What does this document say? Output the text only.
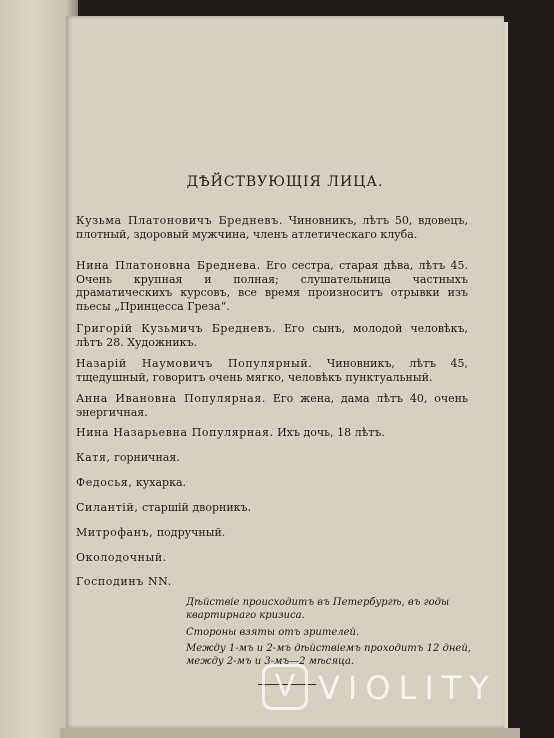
ДѢЙСТВУЮЩІЯ ЛИЦА.
Кузьма Платоновичъ Бредневъ. Чиновникъ, лѣтъ 50, вдовецъ, плотный, здоровый мужчина, членъ атлетическаго клуба.
Нина Платоновна Бреднева. Его сестра, старая дѣва, лѣтъ 45. Очень крупная и полная; слушательница частныхъ драматическихъ курсовъ, все время произноситъ отрывки изъ пьесы „Принцесса Греза“.
Григорій Кузьмичъ Бредневъ. Его сынъ, молодой человѣкъ, лѣтъ 28. Художникъ.
Назарій Наумовичъ Популярный. Чиновникъ, лѣтъ 45, тщедушный, говоритъ очень мягко, человѣкъ пунктуальный.
Анна Ивановна Популярная. Его жена, дама лѣтъ 40, очень энергичная.
Нина Назарьевна Популярная. Ихъ дочь, 18 лѣтъ.
Катя, горничная.
Федосья, кухарка.
Силантій, старшій дворникъ.
Митрофанъ, подручный.
Околодочный.
Господинъ NN.
Дѣйствіе происходитъ въ Петербургѣ, въ годы квартирнаго кризиса.
Стороны взяты отъ зрителей.
Между 1-мъ и 2-мъ дѣйствіемъ проходитъ 12 дней, между 2-мъ и 3-мъ—2 мѣсяца.
V VIOLITY
